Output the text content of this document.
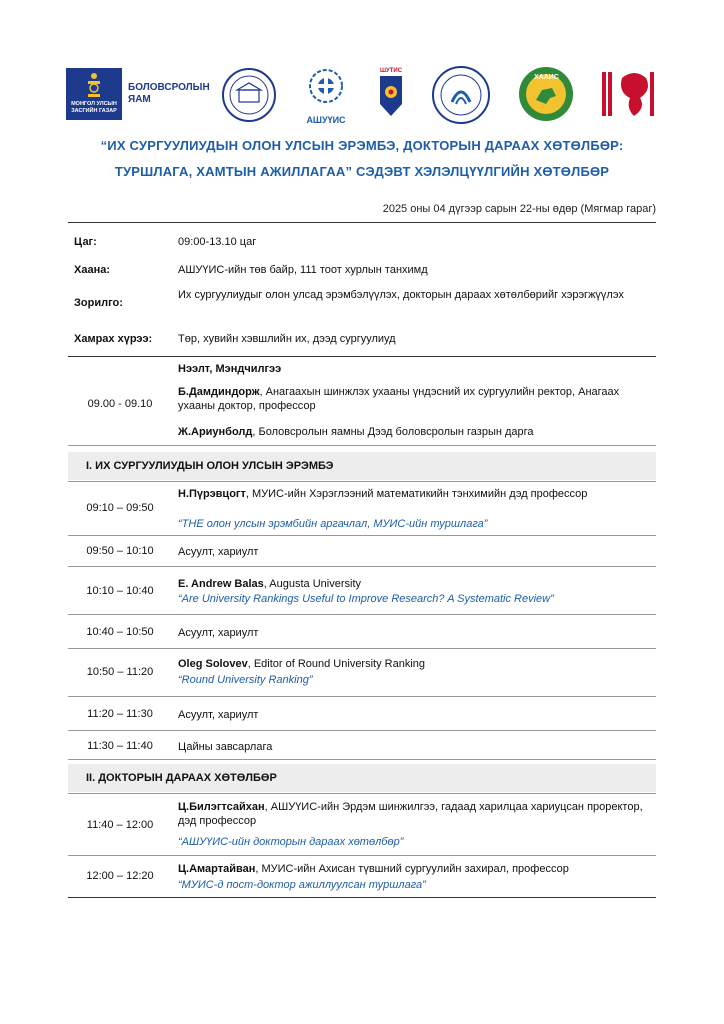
МОНГОЛ УЛСЫН ЗАСГИЙН ГАЗАР
БОЛОВСРОЛЫН ЯАМ
АШУҮИС
ШУТИС
ХААИС
“ИХ СУРГУУЛИУДЫН ОЛОН УЛСЫН ЭРЭМБЭ, ДОКТОРЫН ДАРААХ ХӨТӨЛБӨР:
ТУРШЛАГА, ХАМТЫН АЖИЛЛАГАА” СЭДЭВТ ХЭЛЭЛЦҮҮЛГИЙН ХӨТӨЛБӨР
2025 оны 04 дүгээр сарын 22-ны өдөр (Мягмар гараг)
Цаг:	09:00-13.10 цаг
Хаана:	АШУҮИС-ийн төв байр, 111 тоот хурлын танхимд
Зорилго:
Их сургуулиудыг олон улсад эрэмбэлүүлэх, докторын дараах хөтөлбөрийг хэрэгжүүлэх
Хамрах хүрээ: Төр, хувийн хэвшлийн их, дээд сургуулиуд
09.00 - 09.10
Нээлт, Мэндчилгээ
Б.Дамдиндорж, Анагаахын шинжлэх ухааны үндэсний их сургуулийн ректор, Анагаах ухааны доктор, профессор
Ж.Ариунболд, Боловсролын яамны Дээд боловсролын газрын дарга
I. ИХ СУРГУУЛИУДЫН ОЛОН УЛСЫН ЭРЭМБЭ
09:10 – 09:50
Н.Пүрэвцогт, МУИС-ийн Хэрэглээний математикийн тэнхимийн дэд профессор
“THE олон улсын эрэмбийн аргачлал, МУИС-ийн туршлага”
09:50 – 10:10	Асуулт, хариулт
10:10 – 10:40
E. Andrew Balas, Augusta University
“Are University Rankings Useful to Improve Research? A Systematic Review”
10:40 – 10:50	Асуулт, хариулт
10:50 – 11:20
Oleg Solovev, Editor of Round University Ranking
“Round University Ranking”
11:20 – 11:30	Асуулт, хариулт
11:30 – 11:40	Цайны завсарлага
II. ДОКТОРЫН ДАРААХ ХӨТӨЛБӨР
11:40 – 12:00
Ц.Билэгтсайхан, АШУҮИС-ийн Эрдэм шинжилгээ, гадаад харилцаа хариуцсан проректор, дэд профессор
“АШУҮИС-ийн докторын дараах хөтөлбөр”
12:00 – 12:20
Ц.Амартайван, МУИС-ийн Ахисан түвшний сургуулийн захирал, профессор
“МУИС-д пост-доктор ажиллуулсан туршлага”
